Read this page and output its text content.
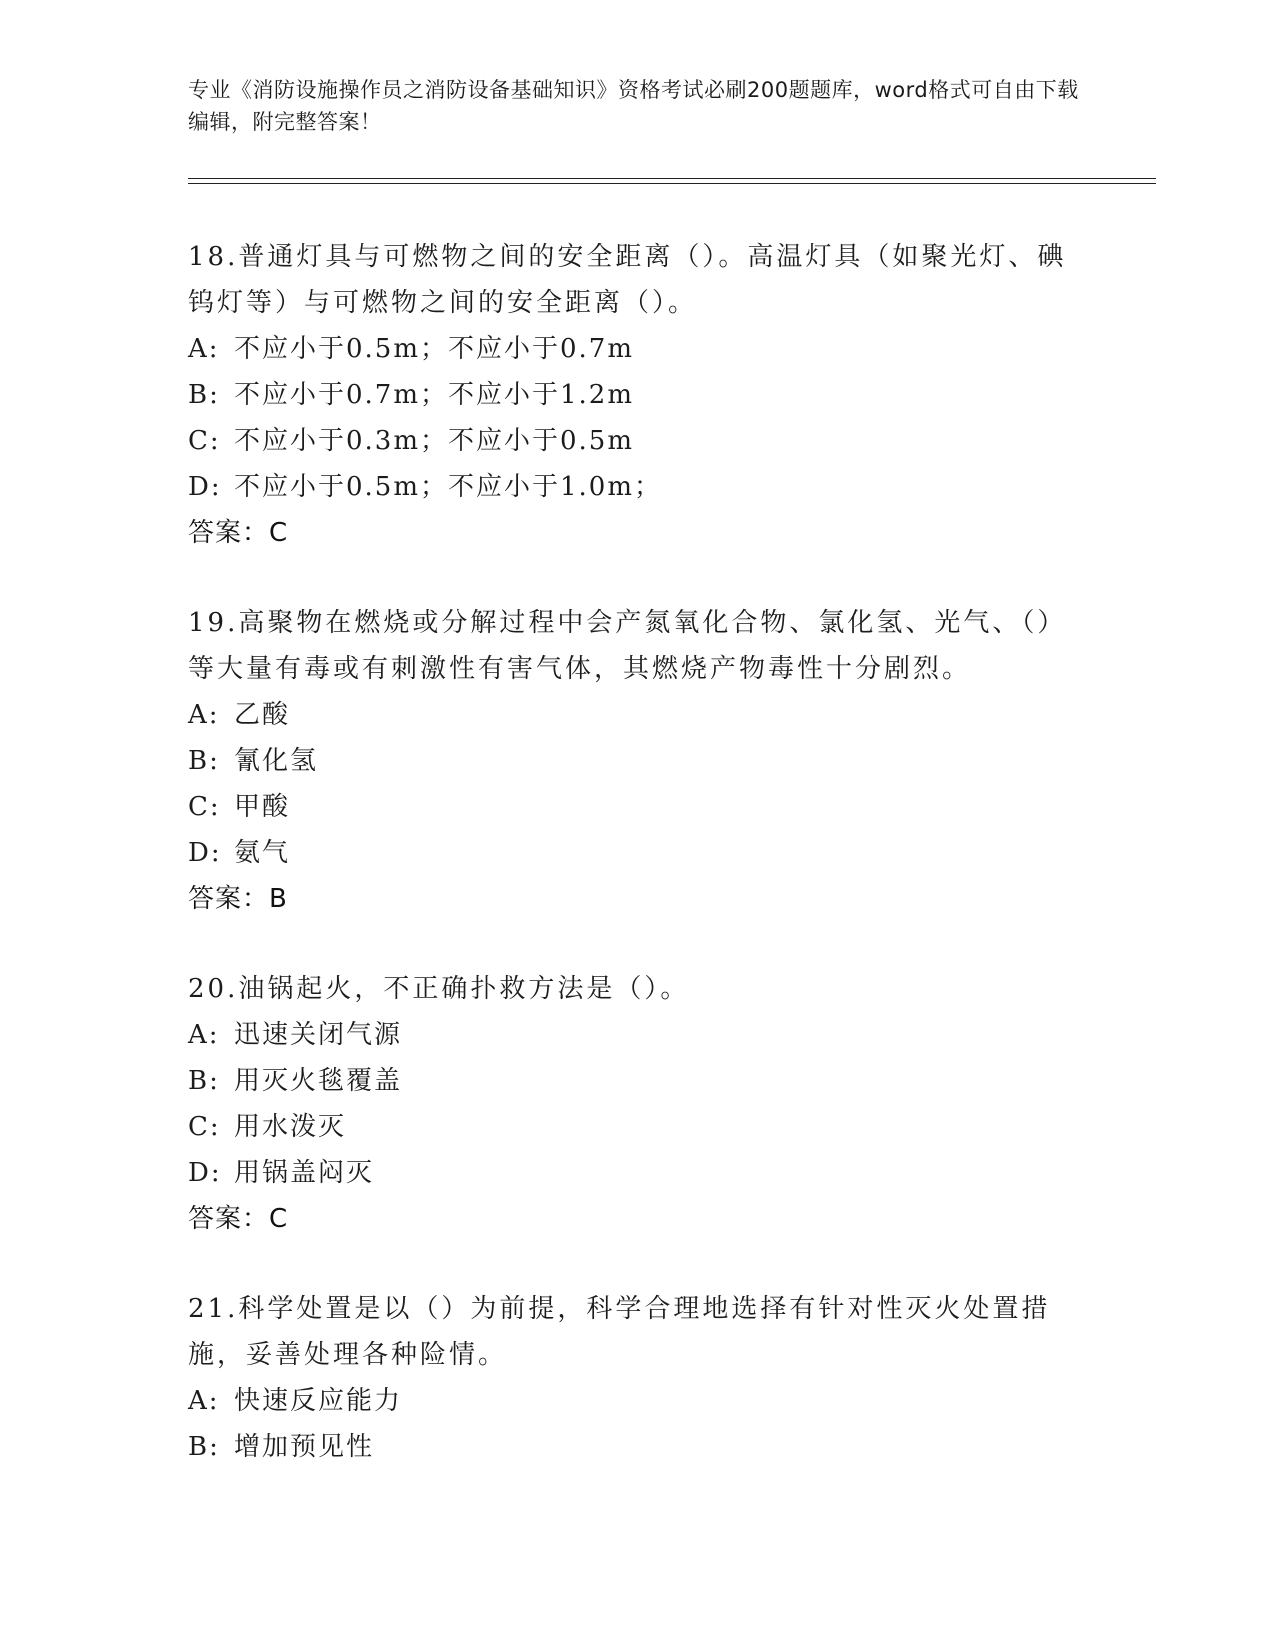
专业《消防设施操作员之消防设备基础知识》资格考试必刷200题题库，word格式可自由下载编辑，附完整答案！

18.普通灯具与可燃物之间的安全距离（）。高温灯具（如聚光灯、碘钨灯等）与可燃物之间的安全距离（）。

A: 不应小于0.5m；不应小于0.7m
B: 不应小于0.7m；不应小于1.2m
C: 不应小于0.3m；不应小于0.5m
D: 不应小于0.5m；不应小于1.0m；
答案：C

19.高聚物在燃烧或分解过程中会产氮氧化合物、氯化氢、光气、（）等大量有毒或有刺激性有害气体，其燃烧产物毒性十分剧烈。

A: 乙酸
B: 氰化氢
C: 甲酸
D: 氨气
答案：B

20.油锅起火，不正确扑救方法是（）。

A: 迅速关闭气源
B: 用灭火毯覆盖
C: 用水泼灭
D: 用锅盖闷灭
答案：C

21.科学处置是以（）为前提，科学合理地选择有针对性灭火处置措施，妥善处理各种险情。

A: 快速反应能力
B: 增加预见性
